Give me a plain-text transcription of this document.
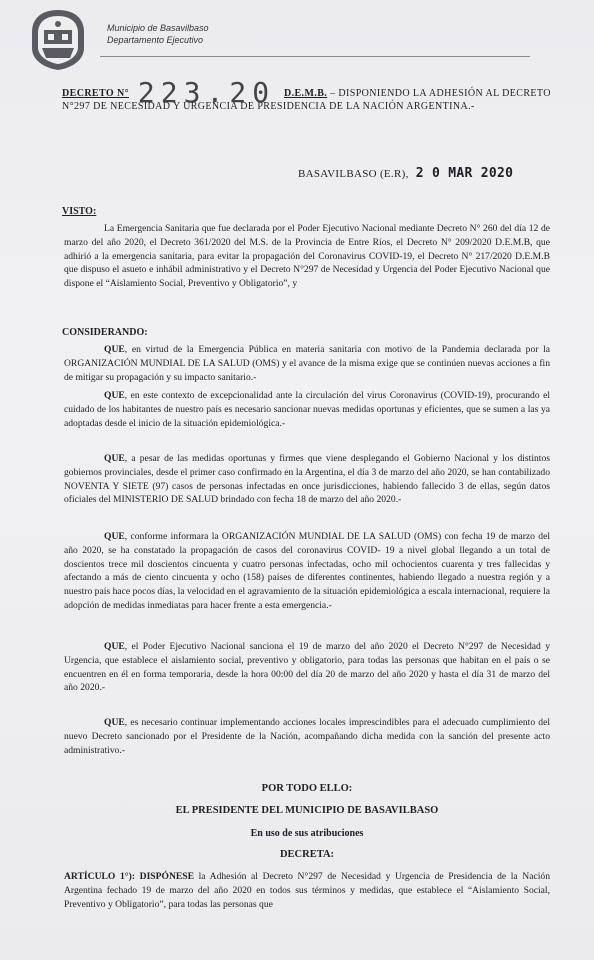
Municipio de Basavilbaso
Departamento Ejecutivo
DECRETO N° 223.20 D.E.M.B. – DISPONIENDO LA ADHESIÓN AL DECRETO N°297 DE NECESIDAD Y URGENCIA DE PRESIDENCIA DE LA NACIÓN ARGENTINA.-
BASAVILBASO (E.R), 2 0 MAR 2020
VISTO:
La Emergencia Sanitaria que fue declarada por el Poder Ejecutivo Nacional mediante Decreto N° 260 del día 12 de marzo del año 2020, el Decreto 361/2020 del M.S. de la Provincia de Entre Ríos, el Decreto N° 209/2020 D.E.M.B, que adhirió a la emergencia sanitaria, para evitar la propagación del Coronavirus COVID-19, el Decreto N° 217/2020 D.E.M.B que dispuso el asueto e inhábil administrativo y el Decreto N°297 de Necesidad y Urgencia del Poder Ejecutivo Nacional que dispone el “Aislamiento Social, Preventivo y Obligatorio”, y
CONSIDERANDO:
QUE, en virtud de la Emergencia Pública en materia sanitaria con motivo de la Pandemia declarada por la ORGANIZACIÓN MUNDIAL DE LA SALUD (OMS) y el avance de la misma exige que se continúen nuevas acciones a fin de mitigar su propagación y su impacto sanitario.-
QUE, en este contexto de excepcionalidad ante la circulación del virus Coronavirus (COVID-19), procurando el cuidado de los habitantes de nuestro país es necesario sancionar nuevas medidas oportunas y eficientes, que se sumen a las ya adoptadas desde el inicio de la situación epidemiológica.-
QUE, a pesar de las medidas oportunas y firmes que viene desplegando el Gobierno Nacional y los distintos gobiernos provinciales, desde el primer caso confirmado en la Argentina, el día 3 de marzo del año 2020, se han contabilizado NOVENTA Y SIETE (97) casos de personas infectadas en once jurisdicciones, habiendo fallecido 3 de ellas, según datos oficiales del MINISTERIO DE SALUD brindado con fecha 18 de marzo del año 2020.-
QUE, conforme informara la ORGANIZACIÓN MUNDIAL DE LA SALUD (OMS) con fecha 19 de marzo del año 2020, se ha constatado la propagación de casos del coronavirus COVID- 19 a nivel global llegando a un total de doscientos trece mil doscientos cincuenta y cuatro personas infectadas, ocho mil ochocientos cuarenta y tres fallecidas y afectando a más de ciento cincuenta y ocho (158) países de diferentes continentes, habiendo llegado a nuestra región y a nuestro país hace pocos días, la velocidad en el agravamiento de la situación epidemiológica a escala internacional, requiere la adopción de medidas inmediatas para hacer frente a esta emergencia.-
QUE, el Poder Ejecutivo Nacional sanciona el 19 de marzo del año 2020 el Decreto N°297 de Necesidad y Urgencia, que establece el aislamiento social, preventivo y obligatorio, para todas las personas que habitan en el país o se encuentren en él en forma temporaria, desde la hora 00:00 del día 20 de marzo del año 2020 y hasta el día 31 de marzo del año 2020.-
QUE, es necesario continuar implementando acciones locales imprescindibles para el adecuado cumplimiento del nuevo Decreto sancionado por el Presidente de la Nación, acompañando dicha medida con la sanción del presente acto administrativo.-
POR TODO ELLO:
EL PRESIDENTE DEL MUNICIPIO DE BASAVILBASO
En uso de sus atribuciones
DECRETA:
ARTÍCULO 1°): DISPÓNESE la Adhesión al Decreto N°297 de Necesidad y Urgencia de Presidencia de la Nación Argentina fechado 19 de marzo del año 2020 en todos sus términos y medidas, que establece el “Aislamiento Social, Preventivo y Obligatorio”, para todas las personas que
